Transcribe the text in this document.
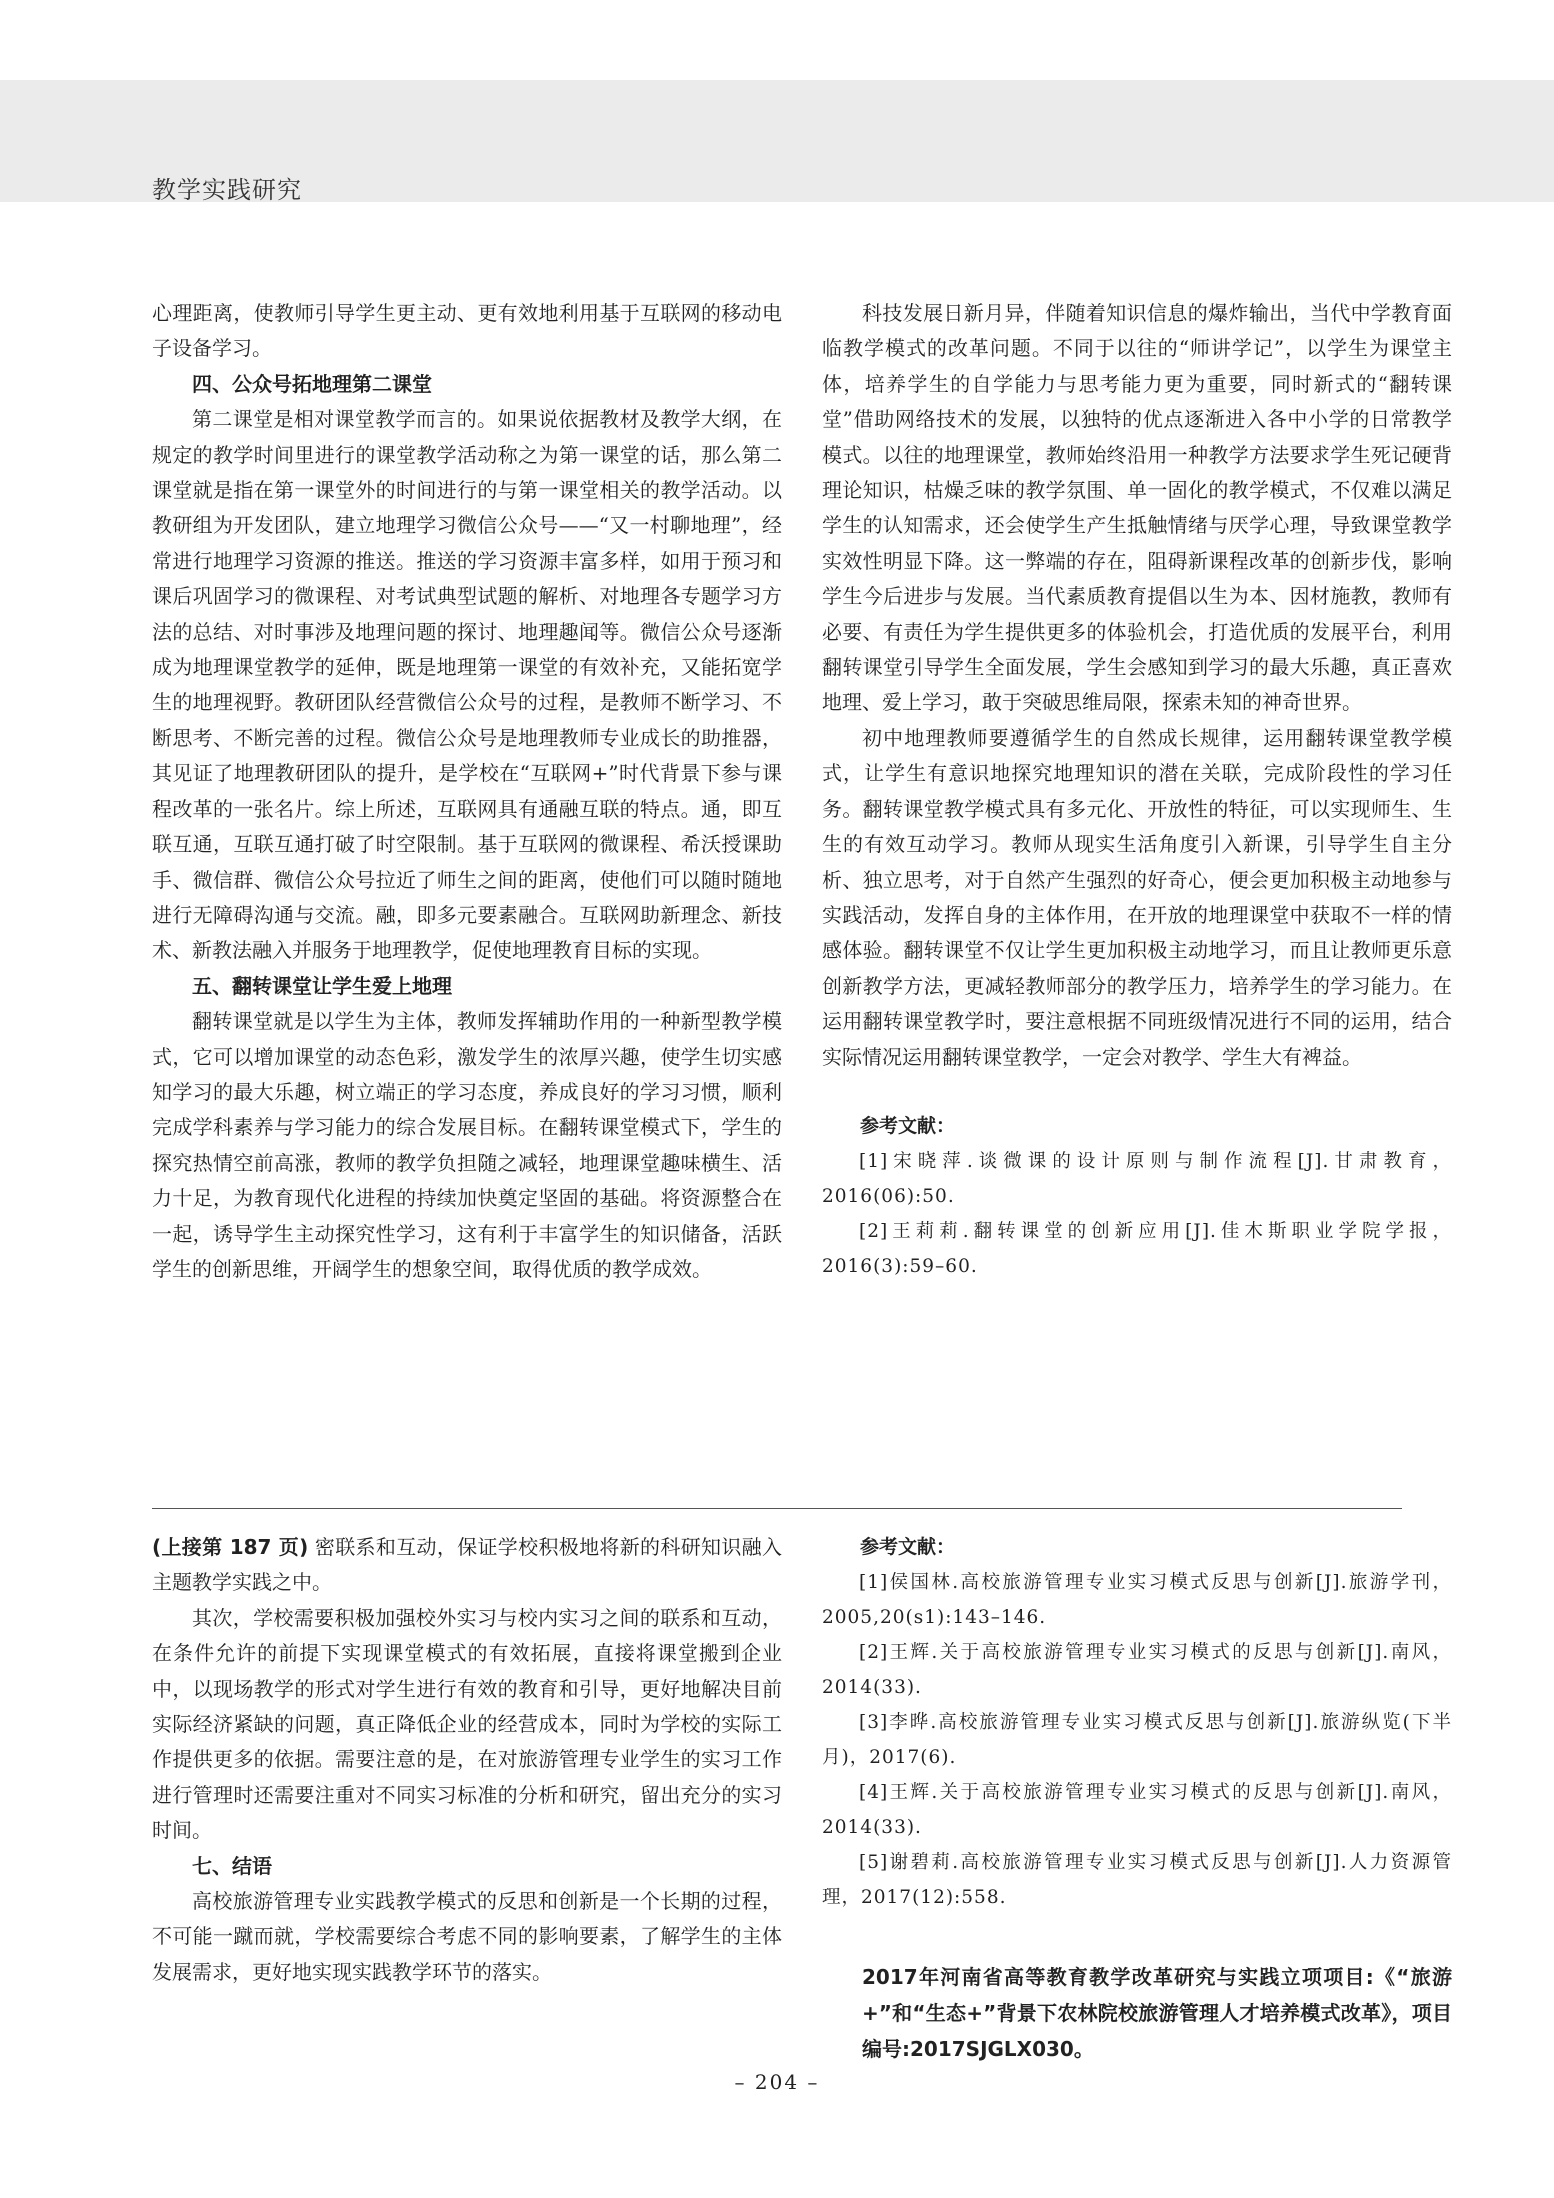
教学实践研究

心理距离，使教师引导学生更主动、更有效地利用基于互联网的移动电子设备学习。

四、公众号拓地理第二课堂

第二课堂是相对课堂教学而言的。如果说依据教材及教学大纲，在规定的教学时间里进行的课堂教学活动称之为第一课堂的话，那么第二课堂就是指在第一课堂外的时间进行的与第一课堂相关的教学活动。以教研组为开发团队，建立地理学习微信公众号——“又一村聊地理”，经常进行地理学习资源的推送。推送的学习资源丰富多样，如用于预习和课后巩固学习的微课程、对考试典型试题的解析、对地理各专题学习方法的总结、对时事涉及地理问题的探讨、地理趣闻等。微信公众号逐渐成为地理课堂教学的延伸，既是地理第一课堂的有效补充，又能拓宽学生的地理视野。教研团队经营微信公众号的过程，是教师不断学习、不断思考、不断完善的过程。微信公众号是地理教师专业成长的助推器，其见证了地理教研团队的提升，是学校在“互联网+”时代背景下参与课程改革的一张名片。综上所述，互联网具有通融互联的特点。通，即互联互通，互联互通打破了时空限制。基于互联网的微课程、希沃授课助手、微信群、微信公众号拉近了师生之间的距离，使他们可以随时随地进行无障碍沟通与交流。融，即多元要素融合。互联网助新理念、新技术、新教法融入并服务于地理教学，促使地理教育目标的实现。

五、翻转课堂让学生爱上地理

翻转课堂就是以学生为主体，教师发挥辅助作用的一种新型教学模式，它可以增加课堂的动态色彩，激发学生的浓厚兴趣，使学生切实感知学习的最大乐趣，树立端正的学习态度，养成良好的学习习惯，顺利完成学科素养与学习能力的综合发展目标。在翻转课堂模式下，学生的探究热情空前高涨，教师的教学负担随之减轻，地理课堂趣味横生、活力十足，为教育现代化进程的持续加快奠定坚固的基础。将资源整合在一起，诱导学生主动探究性学习，这有利于丰富学生的知识储备，活跃学生的创新思维，开阔学生的想象空间，取得优质的教学成效。

科技发展日新月异，伴随着知识信息的爆炸输出，当代中学教育面临教学模式的改革问题。不同于以往的“师讲学记”，以学生为课堂主体，培养学生的自学能力与思考能力更为重要，同时新式的“翻转课堂”借助网络技术的发展，以独特的优点逐渐进入各中小学的日常教学模式。以往的地理课堂，教师始终沿用一种教学方法要求学生死记硬背理论知识，枯燥乏味的教学氛围、单一固化的教学模式，不仅难以满足学生的认知需求，还会使学生产生抵触情绪与厌学心理，导致课堂教学实效性明显下降。这一弊端的存在，阻碍新课程改革的创新步伐，影响学生今后进步与发展。当代素质教育提倡以生为本、因材施教，教师有必要、有责任为学生提供更多的体验机会，打造优质的发展平台，利用翻转课堂引导学生全面发展，学生会感知到学习的最大乐趣，真正喜欢地理、爱上学习，敢于突破思维局限，探索未知的神奇世界。

初中地理教师要遵循学生的自然成长规律，运用翻转课堂教学模式，让学生有意识地探究地理知识的潜在关联，完成阶段性的学习任务。翻转课堂教学模式具有多元化、开放性的特征，可以实现师生、生生的有效互动学习。教师从现实生活角度引入新课，引导学生自主分析、独立思考，对于自然产生强烈的好奇心，便会更加积极主动地参与实践活动，发挥自身的主体作用，在开放的地理课堂中获取不一样的情感体验。翻转课堂不仅让学生更加积极主动地学习，而且让教师更乐意创新教学方法，更减轻教师部分的教学压力，培养学生的学习能力。在运用翻转课堂教学时，要注意根据不同班级情况进行不同的运用，结合实际情况运用翻转课堂教学，一定会对教学、学生大有裨益。

参考文献：

[1]宋晓萍.谈微课的设计原则与制作流程[J].甘肃教育，2016(06):50.

[2]王莉莉.翻转课堂的创新应用[J].佳木斯职业学院学报，2016(3):59–60.

(上接第 187 页) 密联系和互动，保证学校积极地将新的科研知识融入主题教学实践之中。

其次，学校需要积极加强校外实习与校内实习之间的联系和互动，在条件允许的前提下实现课堂模式的有效拓展，直接将课堂搬到企业中，以现场教学的形式对学生进行有效的教育和引导，更好地解决目前实际经济紧缺的问题，真正降低企业的经营成本，同时为学校的实际工作提供更多的依据。需要注意的是，在对旅游管理专业学生的实习工作进行管理时还需要注重对不同实习标准的分析和研究，留出充分的实习时间。

七、结语

高校旅游管理专业实践教学模式的反思和创新是一个长期的过程，不可能一蹴而就，学校需要综合考虑不同的影响要素，了解学生的主体发展需求，更好地实现实践教学环节的落实。

参考文献：

[1]侯国林.高校旅游管理专业实习模式反思与创新[J].旅游学刊，2005,20(s1):143–146.

[2]王辉.关于高校旅游管理专业实习模式的反思与创新[J].南风，2014(33).

[3]李晔.高校旅游管理专业实习模式反思与创新[J].旅游纵览(下半月)，2017(6).

[4]王辉.关于高校旅游管理专业实习模式的反思与创新[J].南风，2014(33).

[5]谢碧莉.高校旅游管理专业实习模式反思与创新[J].人力资源管理，2017(12):558.

2017年河南省高等教育教学改革研究与实践立项项目:《“旅游+”和“生态+”背景下农林院校旅游管理人才培养模式改革》，项目编号:2017SJGLX030。
– 204 –
